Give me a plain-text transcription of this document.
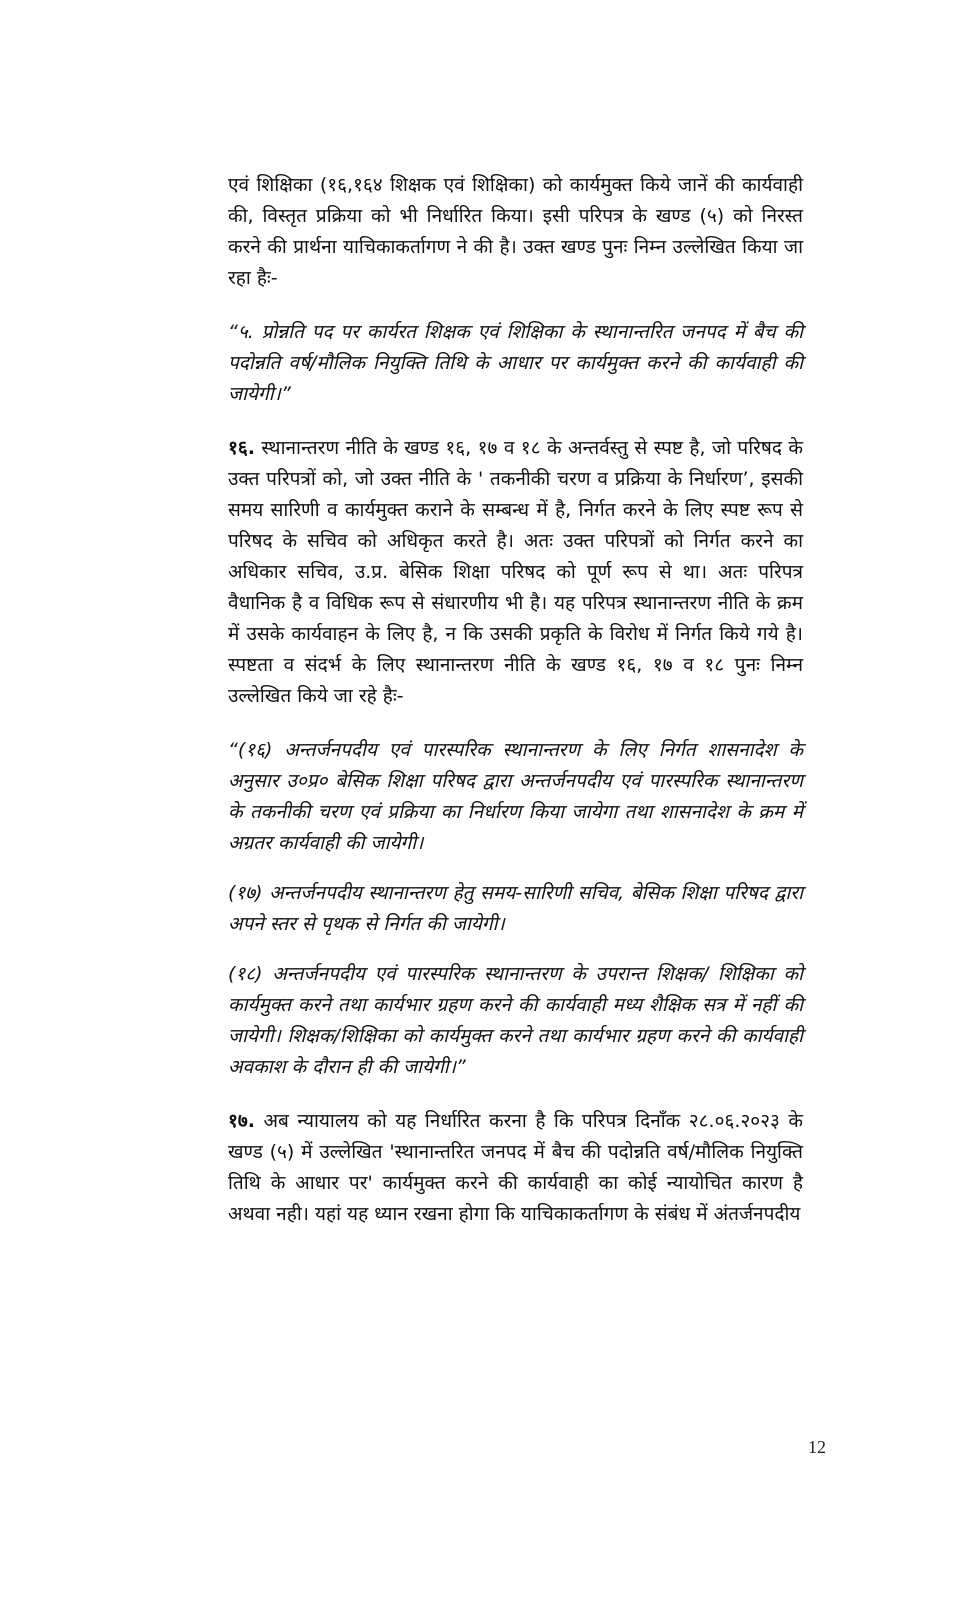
एवं शिक्षिका (१६,१६४ शिक्षक एवं शिक्षिका) को कार्यमुक्त किये जानें की कार्यवाही की, विस्तृत प्रक्रिया को भी निर्धारित किया। इसी परिपत्र के खण्ड (५) को निरस्त करने की प्रार्थना याचिकाकर्तागण ने की है। उक्त खण्ड पुनः निम्न उल्लेखित किया जा रहा हैः-

“५. प्रोन्नति पद पर कार्यरत शिक्षक एवं शिक्षिका के स्थानान्तरित जनपद में बैच की पदोन्नति वर्ष/मौलिक नियुक्ति तिथि के आधार पर कार्यमुक्त करने की कार्यवाही की जायेगी।”

१६. स्थानान्तरण नीति के खण्ड १६, १७ व १८ के अन्तर्वस्तु से स्पष्ट है, जो परिषद के उक्त परिपत्रों को, जो उक्त नीति के ' तकनीकी चरण व प्रक्रिया के निर्धारण’, इसकी समय सारिणी व कार्यमुक्त कराने के सम्बन्ध में है, निर्गत करने के लिए स्पष्ट रूप से परिषद के सचिव को अधिकृत करते है। अतः उक्त परिपत्रों को निर्गत करने का अधिकार सचिव, उ.प्र. बेसिक शिक्षा परिषद को पूर्ण रूप से था। अतः परिपत्र वैधानिक है व विधिक रूप से संधारणीय भी है। यह परिपत्र स्थानान्तरण नीति के क्रम में उसके कार्यवाहन के लिए है, न कि उसकी प्रकृति के विरोध में निर्गत किये गये है। स्पष्टता व संदर्भ के लिए स्थानान्तरण नीति के खण्ड १६, १७ व १८ पुनः निम्न उल्लेखित किये जा रहे हैः-

“(१६) अन्तर्जनपदीय एवं पारस्परिक स्थानान्तरण के लिए निर्गत शासनादेश के अनुसार उ०प्र० बेसिक शिक्षा परिषद द्वारा अन्तर्जनपदीय एवं पारस्परिक स्थानान्तरण के तकनीकी चरण एवं प्रक्रिया का निर्धारण किया जायेगा तथा शासनादेश के क्रम में अग्रतर कार्यवाही की जायेगी।

(१७) अन्तर्जनपदीय स्थानान्तरण हेतु समय-सारिणी सचिव, बेसिक शिक्षा परिषद द्वारा अपने स्तर से पृथक से निर्गत की जायेगी।

(१८) अन्तर्जनपदीय एवं पारस्परिक स्थानान्तरण के उपरान्त शिक्षक/ शिक्षिका को कार्यमुक्त करने तथा कार्यभार ग्रहण करने की कार्यवाही मध्य शैक्षिक सत्र में नहीं की जायेगी। शिक्षक/शिक्षिका को कार्यमुक्त करने तथा कार्यभार ग्रहण करने की कार्यवाही अवकाश के दौरान ही की जायेगी।”

१७. अब न्यायालय को यह निर्धारित करना है कि परिपत्र दिनाँक २८.०६.२०२३ के खण्ड (५) में उल्लेखित 'स्थानान्तरित जनपद में बैच की पदोन्नति वर्ष/मौलिक नियुक्ति तिथि के आधार पर' कार्यमुक्त करने की कार्यवाही का कोई न्यायोचित कारण है अथवा नही। यहां यह ध्यान रखना होगा कि याचिकाकर्तागण के संबंध में अंतर्जनपदीय

12
